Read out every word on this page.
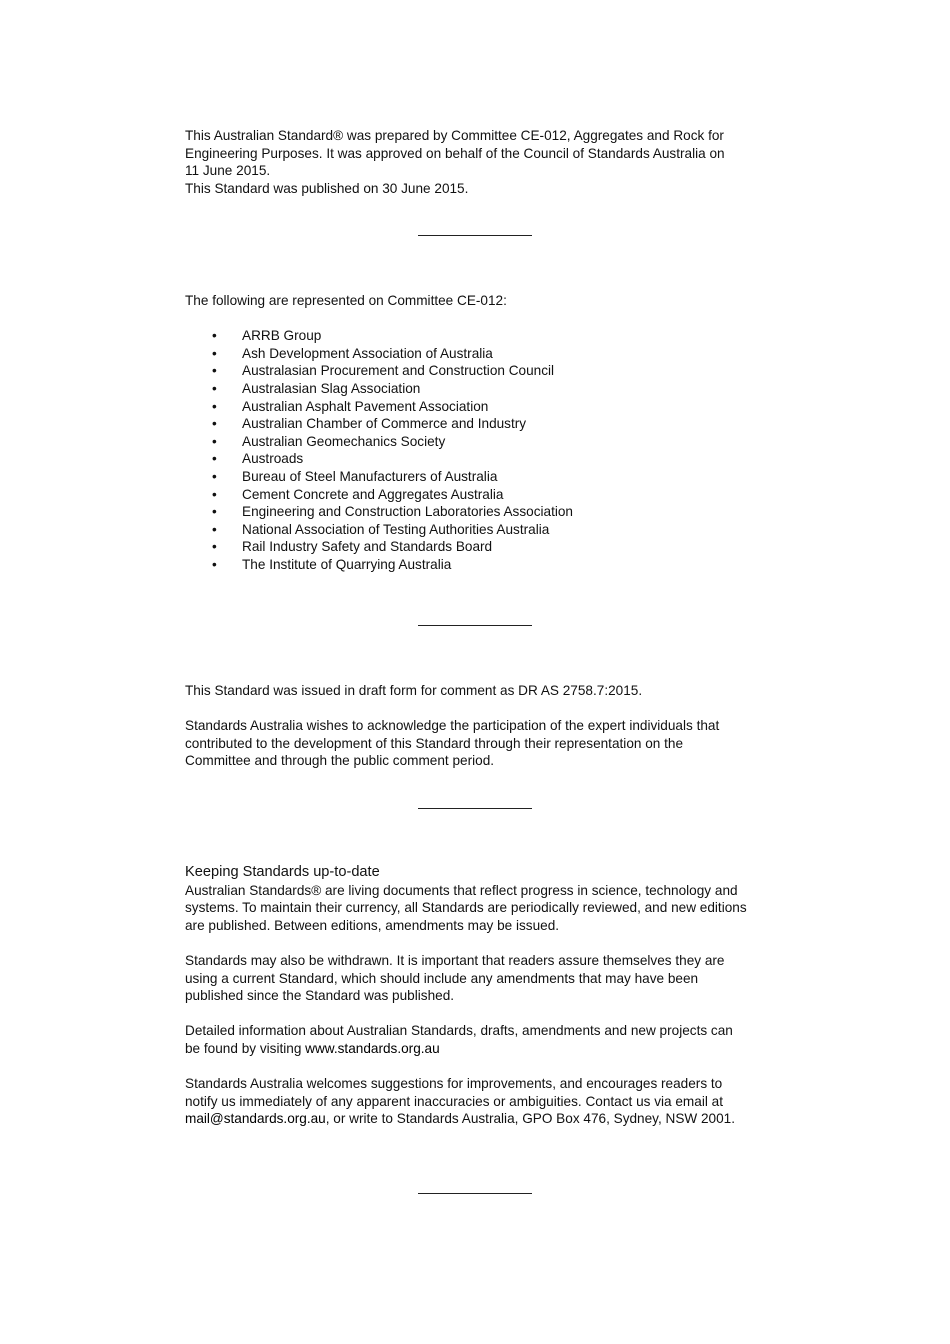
This Australian Standard® was prepared by Committee CE-012, Aggregates and Rock for

Engineering Purposes. It was approved on behalf of the Council of Standards Australia on

11 June 2015.

This Standard was published on 30 June 2015.

The following are represented on Committee CE-012:

• ARRB Group
• Ash Development Association of Australia
• Australasian Procurement and Construction Council
• Australasian Slag Association
• Australian Asphalt Pavement Association
• Australian Chamber of Commerce and Industry
• Australian Geomechanics Society
• Austroads
• Bureau of Steel Manufacturers of Australia
• Cement Concrete and Aggregates Australia
• Engineering and Construction Laboratories Association
• National Association of Testing Authorities Australia
• Rail Industry Safety and Standards Board
• The Institute of Quarrying Australia

This Standard was issued in draft form for comment as DR AS 2758.7:2015.

Standards Australia wishes to acknowledge the participation of the expert individuals that

contributed to the development of this Standard through their representation on the

Committee and through the public comment period.

Keeping Standards up-to-date

Australian Standards® are living documents that reflect progress in science, technology and

systems. To maintain their currency, all Standards are periodically reviewed, and new editions

are published. Between editions, amendments may be issued.

Standards may also be withdrawn. It is important that readers assure themselves they are

using a current Standard, which should include any amendments that may have been

published since the Standard was published.

Detailed information about Australian Standards, drafts, amendments and new projects can

be found by visiting www.standards.org.au

Standards Australia welcomes suggestions for improvements, and encourages readers to

notify us immediately of any apparent inaccuracies or ambiguities. Contact us via email at

mail@standards.org.au, or write to Standards Australia, GPO Box 476, Sydney, NSW 2001.
